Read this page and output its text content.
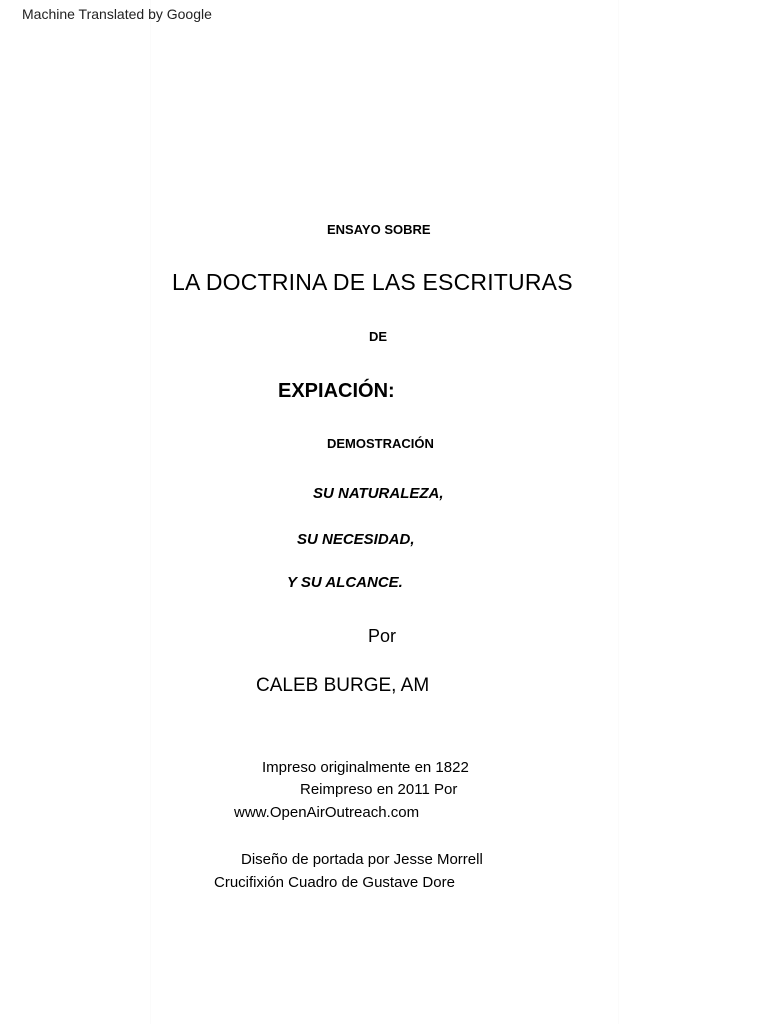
Machine Translated by Google
ENSAYO SOBRE
LA DOCTRINA DE LAS ESCRITURAS
DE
EXPIACIÓN:
DEMOSTRACIÓN
SU NATURALEZA,
SU NECESIDAD,
Y SU ALCANCE.
Por
CALEB BURGE, AM
Impreso originalmente en 1822
Reimpreso en 2011 Por
www.OpenAirOutreach.com
Diseño de portada por Jesse Morrell
Crucifixión Cuadro de Gustave Dore
